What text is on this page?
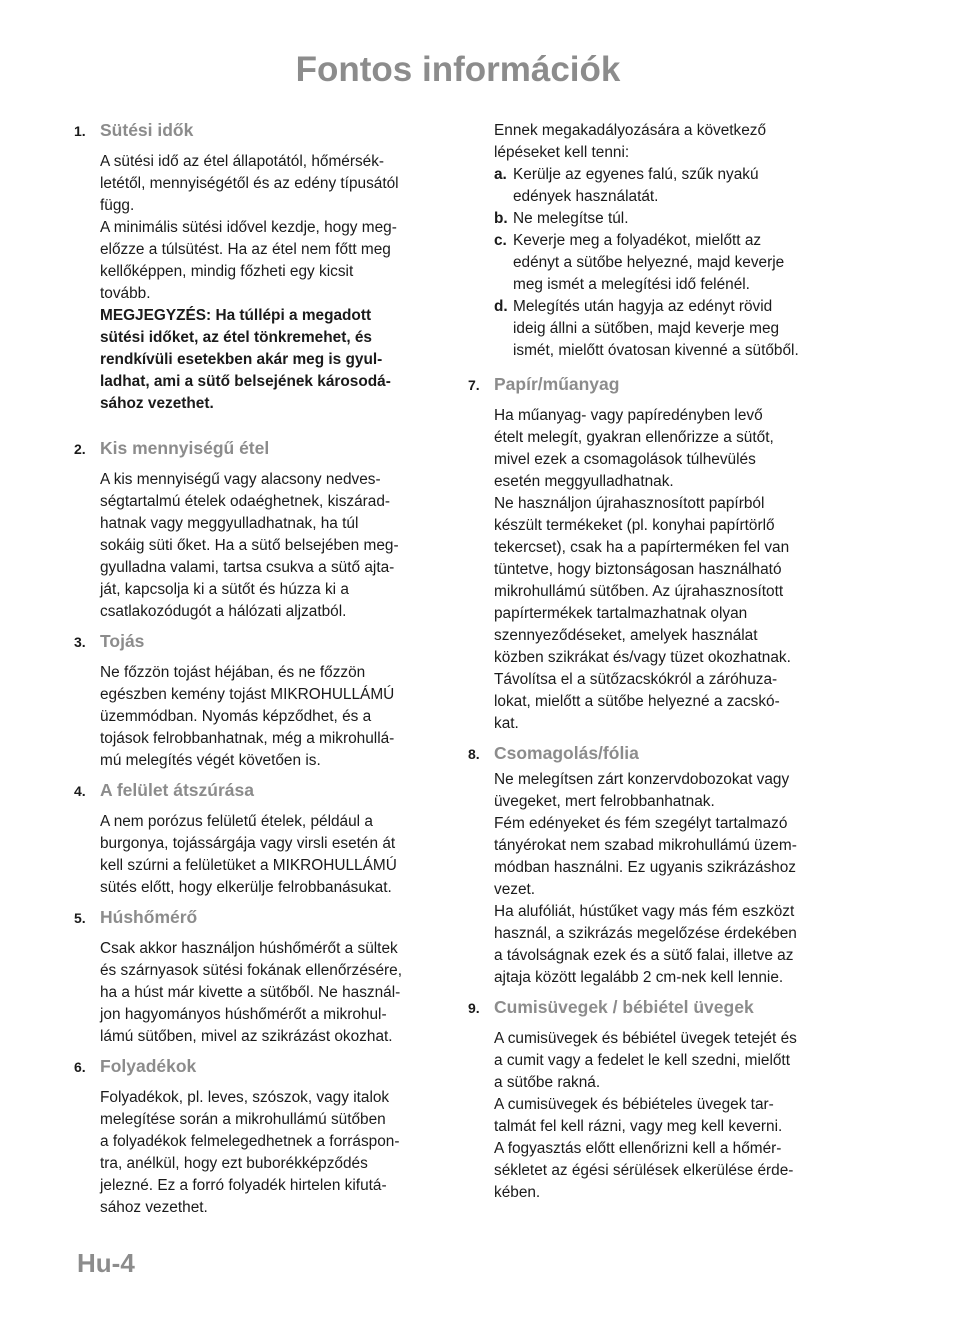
Fontos információk
1. Sütési idők

A sütési idő az étel állapotától, hőmérsék-
letétől, mennyiségétől és az edény típusától
függ.

A minimális sütési idővel kezdje, hogy meg-
előzze a túlsütést. Ha az étel nem főtt meg
kellőképpen, mindig főzheti egy kicsit
tovább.

MEGJEGYZÉS: Ha túllépi a megadott
sütési időket, az étel tönkremehet, és
rendkívüli esetekben akár meg is gyul-
ladhat, ami a sütő belsejének károsodá-
sához vezethet.

2. Kis mennyiségű étel

A kis mennyiségű vagy alacsony nedves-
ségtartalmú ételek odaéghetnek, kiszárad-
hatnak vagy meggyulladhatnak, ha túl
sokáig süti őket. Ha a sütő belsejében meg-
gyulladna valami, tartsa csukva a sütő ajta-
ját, kapcsolja ki a sütőt és húzza ki a
csatlakozódugót a hálózati aljzatból.

3. Tojás

Ne főzzön tojást héjában, és ne főzzön
egészben kemény tojást MIKROHULLÁMÚ
üzemmódban. Nyomás képződhet, és a
tojások felrobbanhatnak, még a mikrohullá-
mú melegítés végét követően is.

4. A felület átszúrása

A nem porózus felületű ételek, például a
burgonya, tojássárgája vagy virsli esetén át
kell szúrni a felületüket a MIKROHULLÁMÚ
sütés előtt, hogy elkerülje felrobbanásukat.

5. Húshőmérő

Csak akkor használjon húshőmérőt a sültek
és szárnyasok sütési fokának ellenőrzésére,
ha a húst már kivette a sütőből. Ne használ-
jon hagyományos húshőmérőt a mikrohul-
lámú sütőben, mivel az szikrázást okozhat.

6. Folyadékok

Folyadékok, pl. leves, szószok, vagy italok
melegítése során a mikrohullámú sütőben
a folyadékok felmelegedhetnek a forráspon-
tra, anélkül, hogy ezt buborékképződés
jelezné. Ez a forró folyadék hirtelen kifutá-
sához vezethet.

Ennek megakadályozására a következő
lépéseket kell tenni:

a. Kerülje az egyenes falú, szűk nyakú
edények használatát.
b. Ne melegítse túl.
c. Keverje meg a folyadékot, mielőtt az
edényt a sütőbe helyezné, majd keverje
meg ismét a melegítési idő felénél.
d. Melegítés után hagyja az edényt rövid
ideig állni a sütőben, majd keverje meg
ismét, mielőtt óvatosan kivenné a sütőből.
7. Papír/műanyag

Ha műanyag- vagy papíredényben levő
ételt melegít, gyakran ellenőrizze a sütőt,
mivel ezek a csomagolások túlhevülés
esetén meggyulladhatnak.

Ne használjon újrahasznosított papírból
készült termékeket (pl. konyhai papírtörlő
tekercset), csak ha a papírterméken fel van
tüntetve, hogy biztonságosan használható
mikrohullámú sütőben. Az újrahasznosított
papírtermékek tartalmazhatnak olyan
szennyeződéseket, amelyek használat
közben szikrákat és/vagy tüzet okozhatnak.

Távolítsa el a sütőzacskókról a záróhuza-
lokat, mielőtt a sütőbe helyezné a zacskó-
kat.

8. Csomagolás/fólia

Ne melegítsen zárt konzervdobozokat vagy
üvegeket, mert felrobbanhatnak.

Fém edényeket és fém szegélyt tartalmazó
tányérokat nem szabad mikrohullámú üzem-
módban használni. Ez ugyanis szikrázáshoz
vezet.

Ha alufóliát, hústűket vagy más fém eszközt
használ, a szikrázás megelőzése érdekében
a távolságnak ezek és a sütő falai, illetve az
ajtaja között legalább 2 cm-nek kell lennie.

9. Cumisüvegek / bébiétel üvegek

A cumisüvegek és bébiétel üvegek tetejét és
a cumit vagy a fedelet le kell szedni, mielőtt
a sütőbe rakná.

A cumisüvegek és bébiételes üvegek tar-
talmát fel kell rázni, vagy meg kell keverni.

A fogyasztás előtt ellenőrizni kell a hőmér-
sékletet az égési sérülések elkerülése érde-
kében.

Hu-4
